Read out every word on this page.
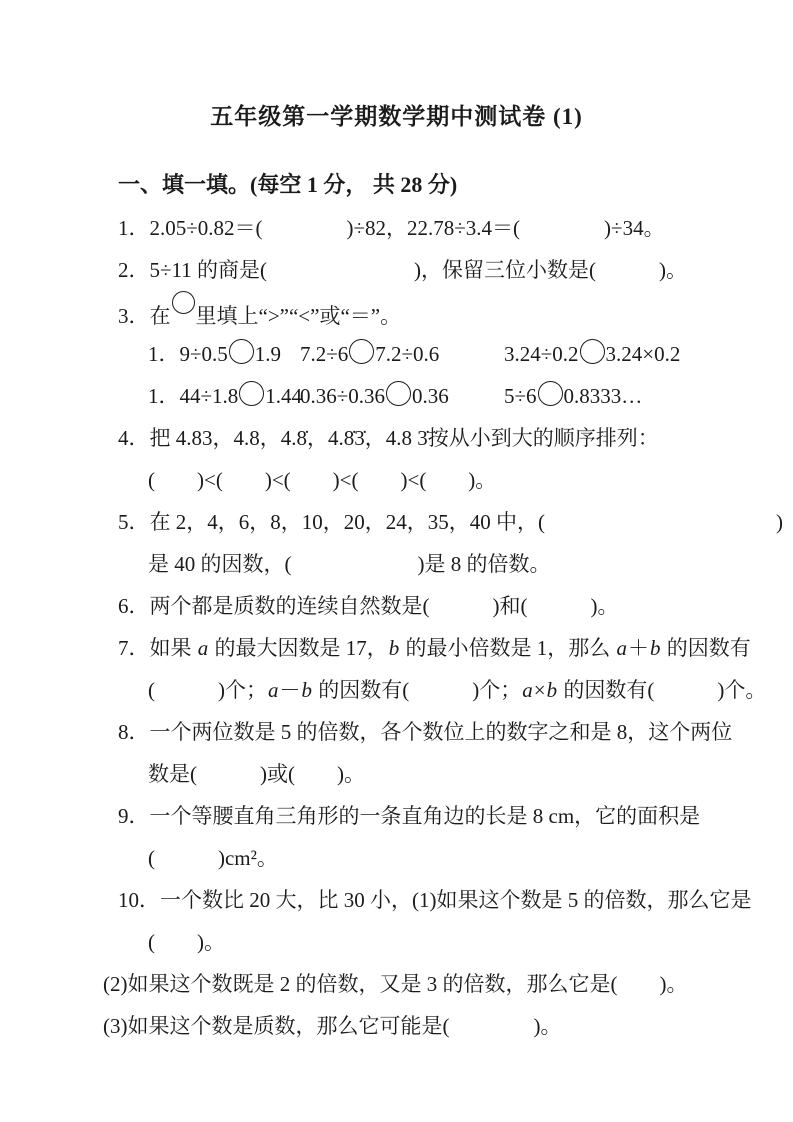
五年级第一学期数学期中测试卷 (1)
一、填一填。(每空 1 分， 共 28 分)
1．2.05÷0.82＝(　　　　)÷82，22.78÷3.4＝(　　　　)÷34。
2．5÷11 的商是(　　　　　　　)，保留三位小数是(　　　)。
3．在 里填上“>”“<”或“＝”。
1．9÷0.5 1.9 7.2÷6 7.2÷0.6	3.24÷0.2 3.24×0.2
1．44÷1.8 1.44
0.36÷0.36 0.36	5÷6 0.8333…
4．把 4.83，4.8，4.8̇，4.8̇3̇，4.8 3̇按从小到大的顺序排列：
(　　)<(　　)<(　　)<(　　)<(　　)。
5．在 2，4，6，8，10，20，24，35，40 中，(　　　　　　　　　　　)
是 40 的因数，(　　　　　　)是 8 的倍数。
6．两个都是质数的连续自然数是(　　　)和(　　　)。
7．如果 a 的最大因数是 17，b 的最小倍数是 1，那么 a＋b 的因数有
(　　　)个；a－b 的因数有(　　　)个；a×b 的因数有(　　　)个。
8．一个两位数是 5 的倍数，各个数位上的数字之和是 8，这个两位
数是(　　　)或(　　)。
9．一个等腰直角三角形的一条直角边的长是 8 cm，它的面积是
(　　　)cm²。
10．一个数比 20 大，比 30 小，(1)如果这个数是 5 的倍数，那么它是
(　　)。
(2)如果这个数既是 2 的倍数，又是 3 的倍数，那么它是(　　)。
(3)如果这个数是质数，那么它可能是(　　　　)。
